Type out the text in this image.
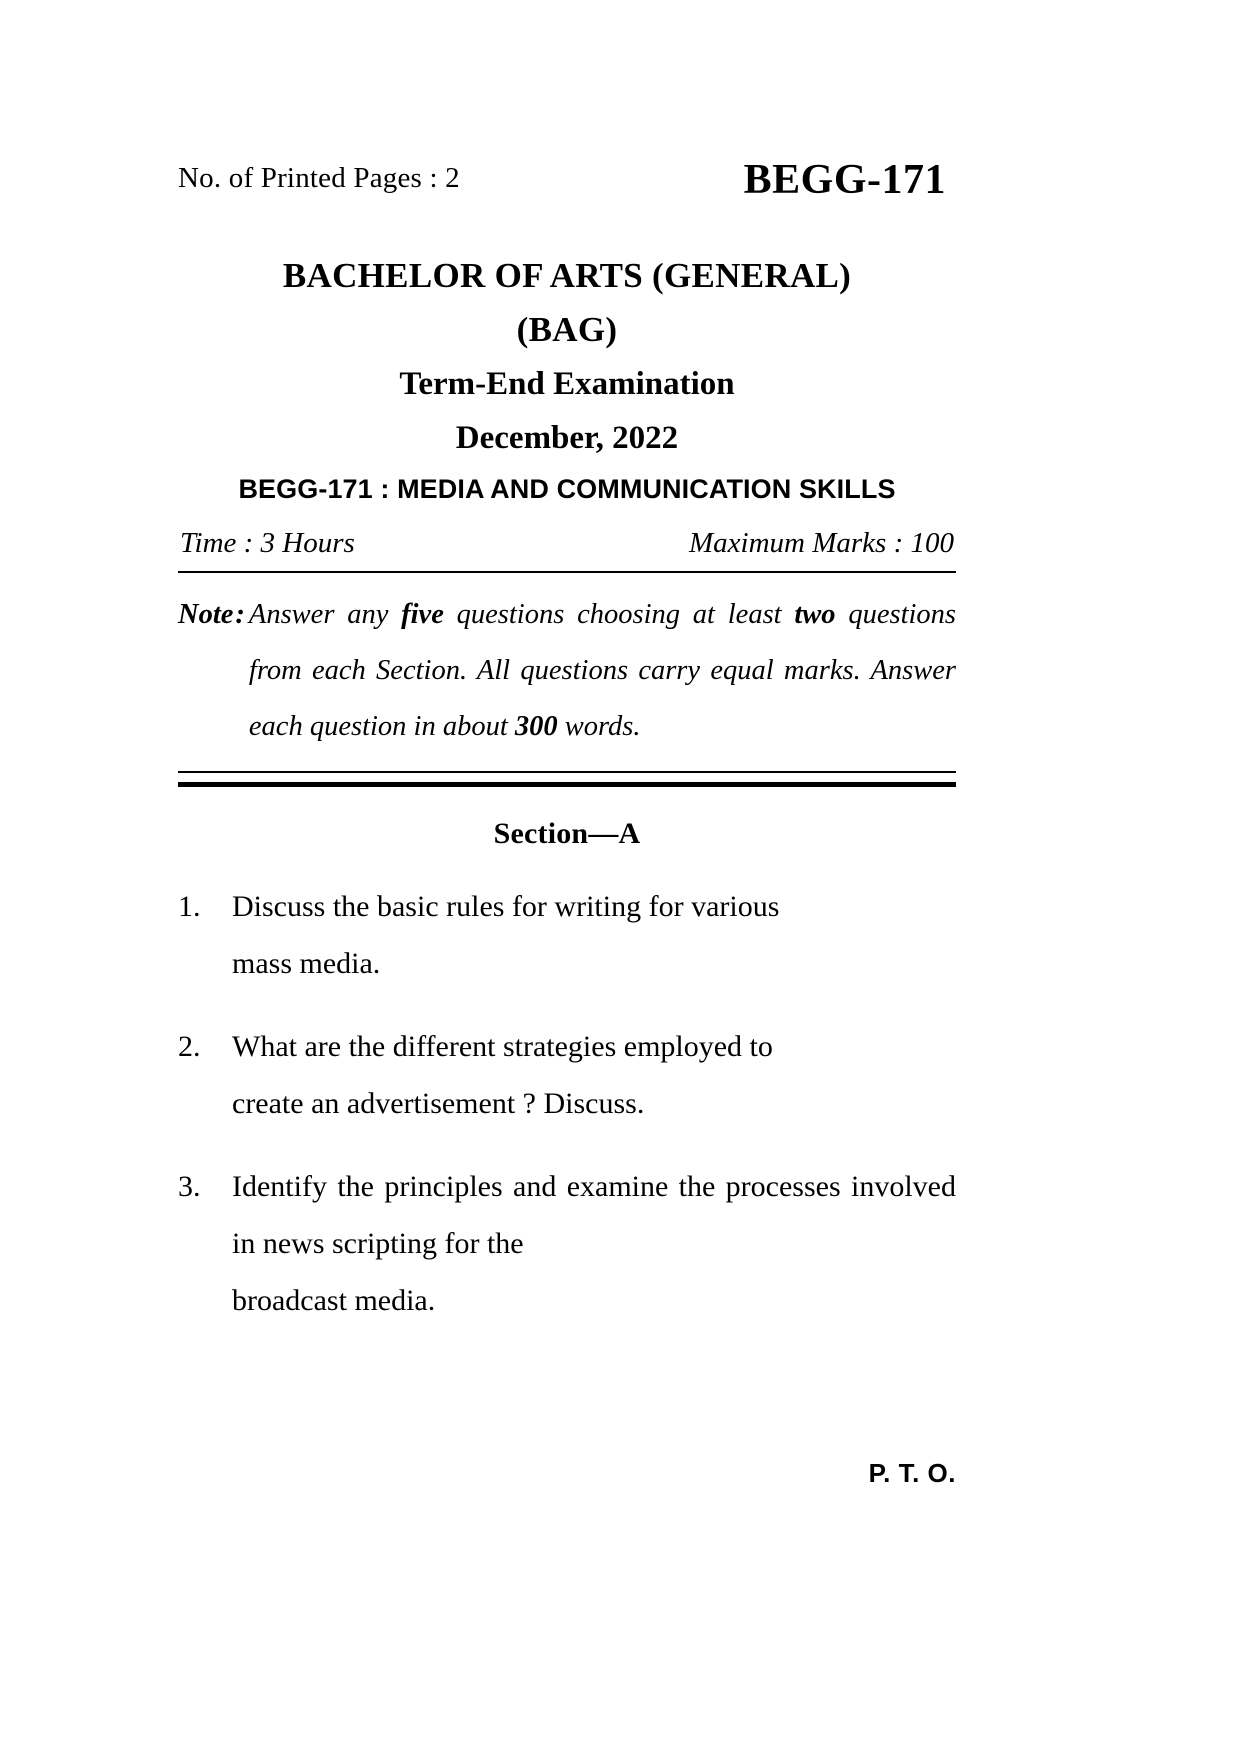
No. of Printed Pages : 2	BEGG-171
BACHELOR OF ARTS (GENERAL)
(BAG)
Term-End Examination
December, 2022
BEGG-171 : MEDIA AND COMMUNICATION SKILLS
Time : 3 Hours	Maximum Marks : 100
Note : Answer any five questions choosing at least two questions from each Section. All questions carry equal marks. Answer each question in about 300 words.
Section—A
1.	Discuss the basic rules for writing for various
mass media.
2.	What are the different strategies employed to
create an advertisement ? Discuss.
3.	Identify the principles and examine the processes involved in news scripting for the
broadcast media.
P. T. O.
